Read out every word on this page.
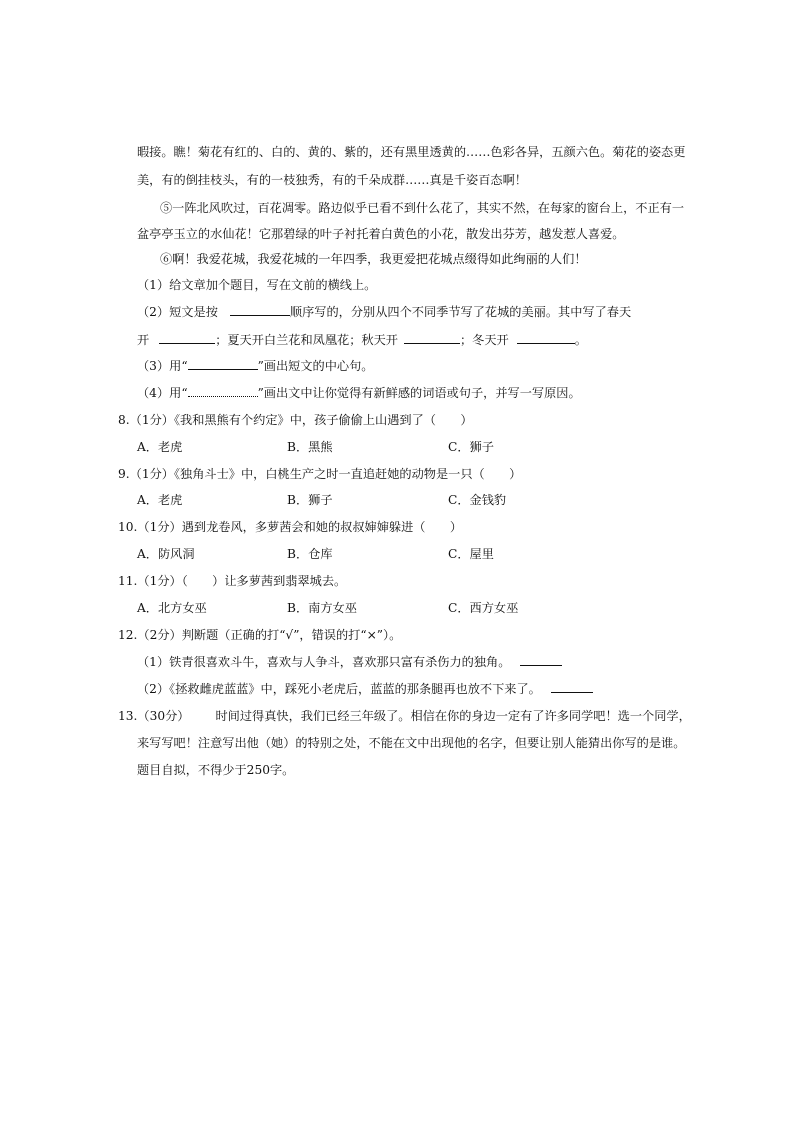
暇接。瞧！菊花有红的、白的、黄的、紫的，还有黑里透黄的……色彩各异，五颜六色。菊花的姿态更
美，有的倒挂枝头，有的一枝独秀，有的千朵成群……真是千姿百态啊！
⑤一阵北风吹过，百花凋零。路边似乎已看不到什么花了，其实不然，在每家的窗台上，不正有一
盆亭亭玉立的水仙花！它那碧绿的叶子衬托着白黄色的小花，散发出芬芳，越发惹人喜爱。
⑥啊！我爱花城，我爱花城的一年四季，我更爱把花城点缀得如此绚丽的人们！
（1）给文章加个题目，写在文前的横线上。
（2）短文是按	顺序写的，分别从四个不同季节写了花城的美丽。其中写了春天
开	；夏天开白兰花和凤凰花；秋天开	；冬天开	。
（3）用“	”画出短文的中心句。
（4）用“	”画出文中让你觉得有新鲜感的词语或句子，并写一写原因。
8.（1分）《我和黑熊有个约定》中，孩子偷偷上山遇到了（　　）
A．老虎	B．黑熊	C．狮子
9.（1分）《独角斗士》中，白桃生产之时一直追赶她的动物是一只（　　）
A．老虎	B．狮子	C．金钱豹
10.（1分）遇到龙卷风，多萝茜会和她的叔叔婶婶躲进（　　）
A．防风洞	B．仓库	C．屋里
11.（1分）（　　）让多萝茜到翡翠城去。
A．北方女巫	B．南方女巫	C．西方女巫
12.（2分）判断题（正确的打“√”，错误的打“×”）。
（1）铁青很喜欢斗牛，喜欢与人争斗，喜欢那只富有杀伤力的独角。
（2）《拯救雌虎蓝蓝》中，踩死小老虎后，蓝蓝的那条腿再也放不下来了。
13.（30分） 时间过得真快，我们已经三年级了。相信在你的身边一定有了许多同学吧！选一个同学，
来写写吧！注意写出他（她）的特别之处，不能在文中出现他的名字，但要让别人能猜出你写的是谁。
题目自拟，不得少于250字。
